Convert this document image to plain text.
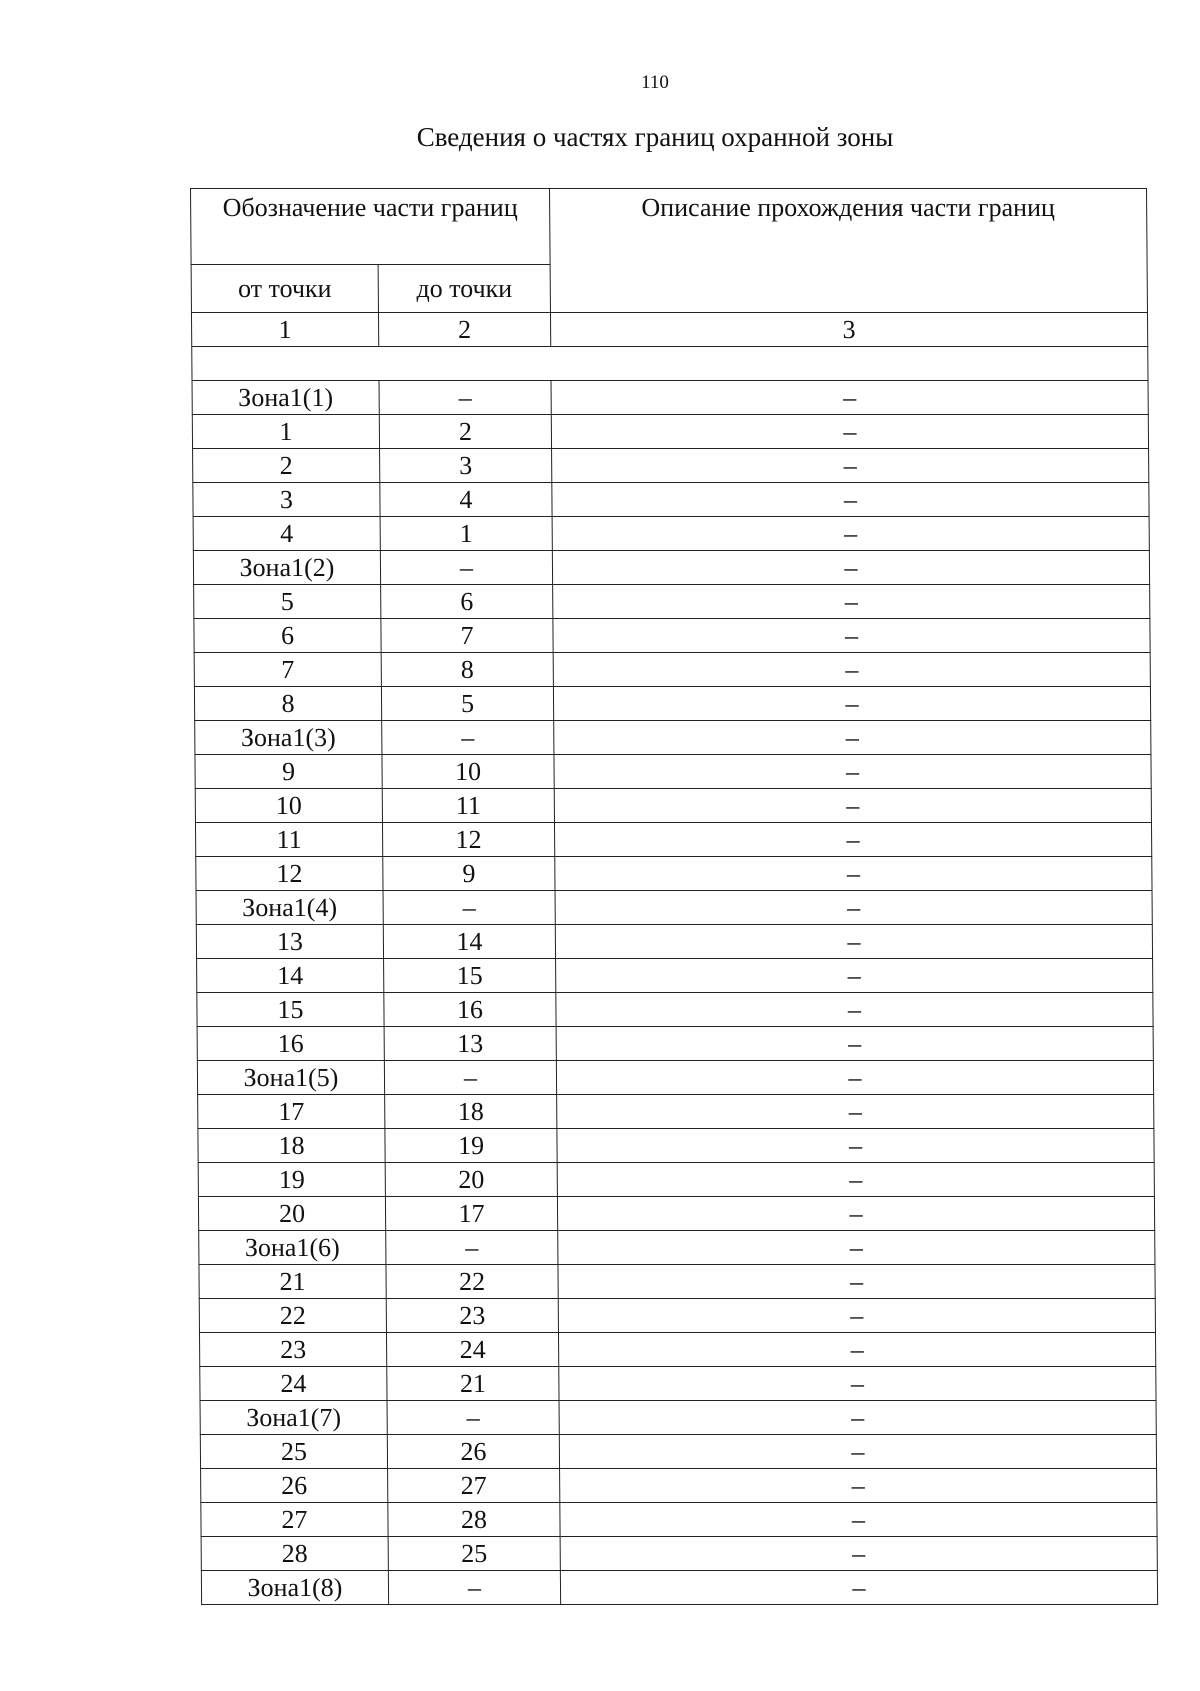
110
Сведения о частях границ охранной зоны
Обозначение части границ		Описание прохождения части границ
от точки	до точки	
1	2	3

Зона1(1)	–	–
1	2	–
2	3	–
3	4	–
4	1	–
Зона1(2)	–	–
5	6	–
6	7	–
7	8	–
8	5	–
Зона1(3)	–	–
9	10	–
10	11	–
11	12	–
12	9	–
Зона1(4)	–	–
13	14	–
14	15	–
15	16	–
16	13	–
Зона1(5)	–	–
17	18	–
18	19	–
19	20	–
20	17	–
Зона1(6)	–	–
21	22	–
22	23	–
23	24	–
24	21	–
Зона1(7)	–	–
25	26	–
26	27	–
27	28	–
28	25	–
Зона1(8)	–	–
